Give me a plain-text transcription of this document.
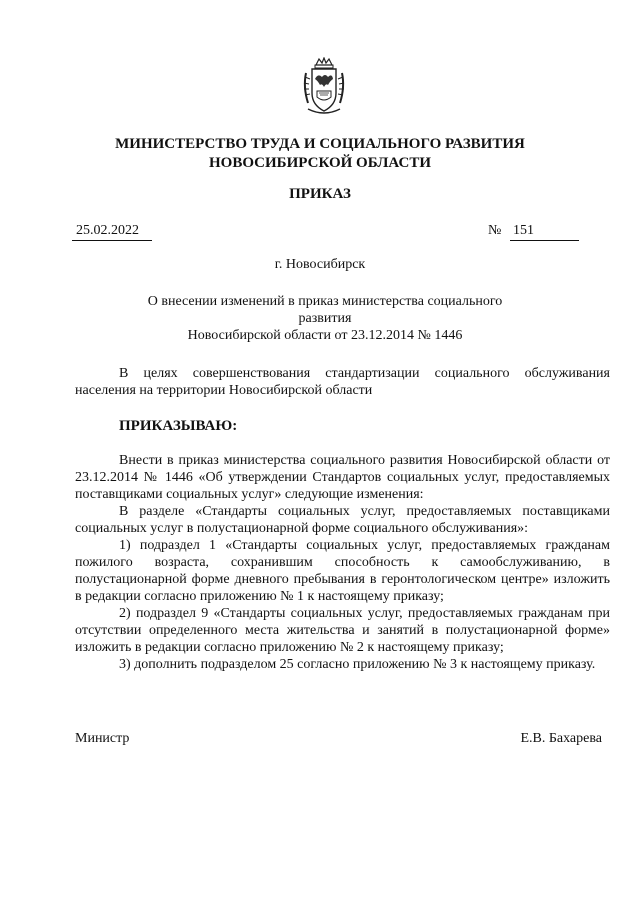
МИНИСТЕРСТВО ТРУДА И СОЦИАЛЬНОГО РАЗВИТИЯ
НОВОСИБИРСКОЙ ОБЛАСТИ
ПРИКАЗ
25.02.2022	№ 151
г. Новосибирск
О внесении изменений в приказ министерства социального развития
Новосибирской области от 23.12.2014 № 1446

В целях совершенствования стандартизации социального обслуживания населения на территории Новосибирской области

ПРИКАЗЫВАЮ:

Внести в приказ министерства социального развития Новосибирской области от 23.12.2014 № 1446 «Об утверждении Стандартов социальных услуг, предоставляемых поставщиками социальных услуг» следующие изменения:

В разделе «Стандарты социальных услуг, предоставляемых поставщиками социальных услуг в полустационарной форме социального обслуживания»:

1) подраздел 1 «Стандарты социальных услуг, предоставляемых гражданам пожилого возраста, сохранившим способность к самообслуживанию, в полустационарной форме дневного пребывания в геронтологическом центре» изложить в редакции согласно приложению № 1 к настоящему приказу;

2) подраздел 9 «Стандарты социальных услуг, предоставляемых гражданам при отсутствии определенного места жительства и занятий в полустационарной форме» изложить в редакции согласно приложению № 2 к настоящему приказу;

3) дополнить подразделом 25 согласно приложению № 3 к настоящему приказу.

Министр	Е.В. Бахарева
